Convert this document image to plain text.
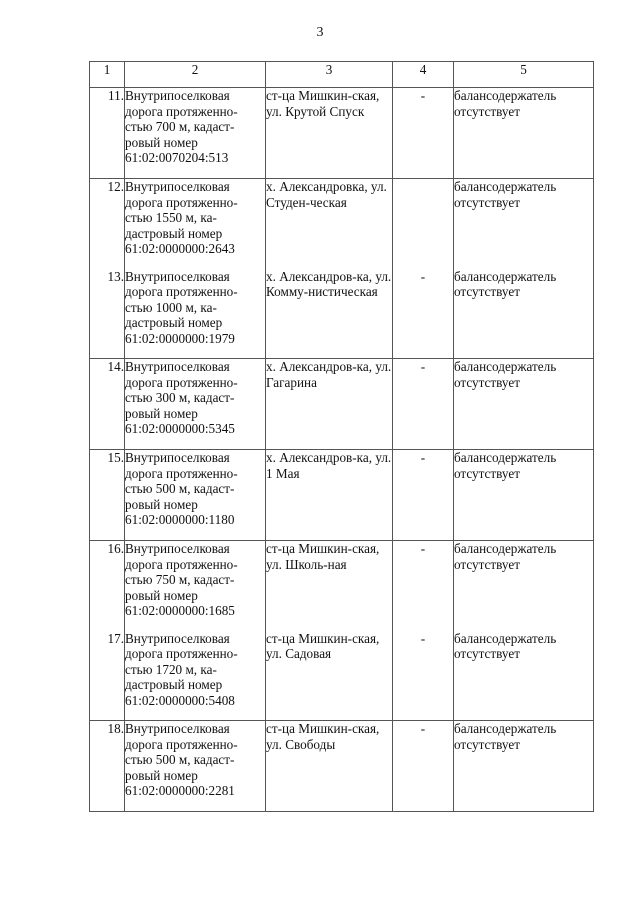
3
1	2	3	4	5
11.	Внутрипоселковая дорога протяженно-стью 700 м, кадаст-ровый номер 61:02:0070204:513	ст-ца Мишкин-ская, ул. Крутой Спуск	-	балансодержатель отсутствует
12.	Внутрипоселковая дорога протяженно-стью 1550 м, ка-дастровый номер 61:02:0000000:2643	х. Александровка, ул. Студен-ческая		балансодержатель отсутствует
13.	Внутрипоселковая дорога протяженно-стью 1000 м, ка-дастровый номер 61:02:0000000:1979	х. Александров-ка, ул. Комму-нистическая	-	балансодержатель отсутствует
14.	Внутрипоселковая дорога протяженно-стью 300 м, кадаст-ровый номер 61:02:0000000:5345	х. Александров-ка, ул. Гагарина	-	балансодержатель отсутствует
15.	Внутрипоселковая дорога протяженно-стью 500 м, кадаст-ровый номер 61:02:0000000:1180	х. Александров-ка, ул. 1 Мая	-	балансодержатель отсутствует
16.	Внутрипоселковая дорога протяженно-стью 750 м, кадаст-ровый номер 61:02:0000000:1685	ст-ца Мишкин-ская, ул. Школь-ная	-	балансодержатель отсутствует
17.	Внутрипоселковая дорога протяженно-стью 1720 м, ка-дастровый номер 61:02:0000000:5408	ст-ца Мишкин-ская, ул. Садовая	-	балансодержатель отсутствует
18.	Внутрипоселковая дорога протяженно-стью 500 м, кадаст-ровый номер 61:02:0000000:2281	ст-ца Мишкин-ская, ул. Свободы	-	балансодержатель отсутствует
